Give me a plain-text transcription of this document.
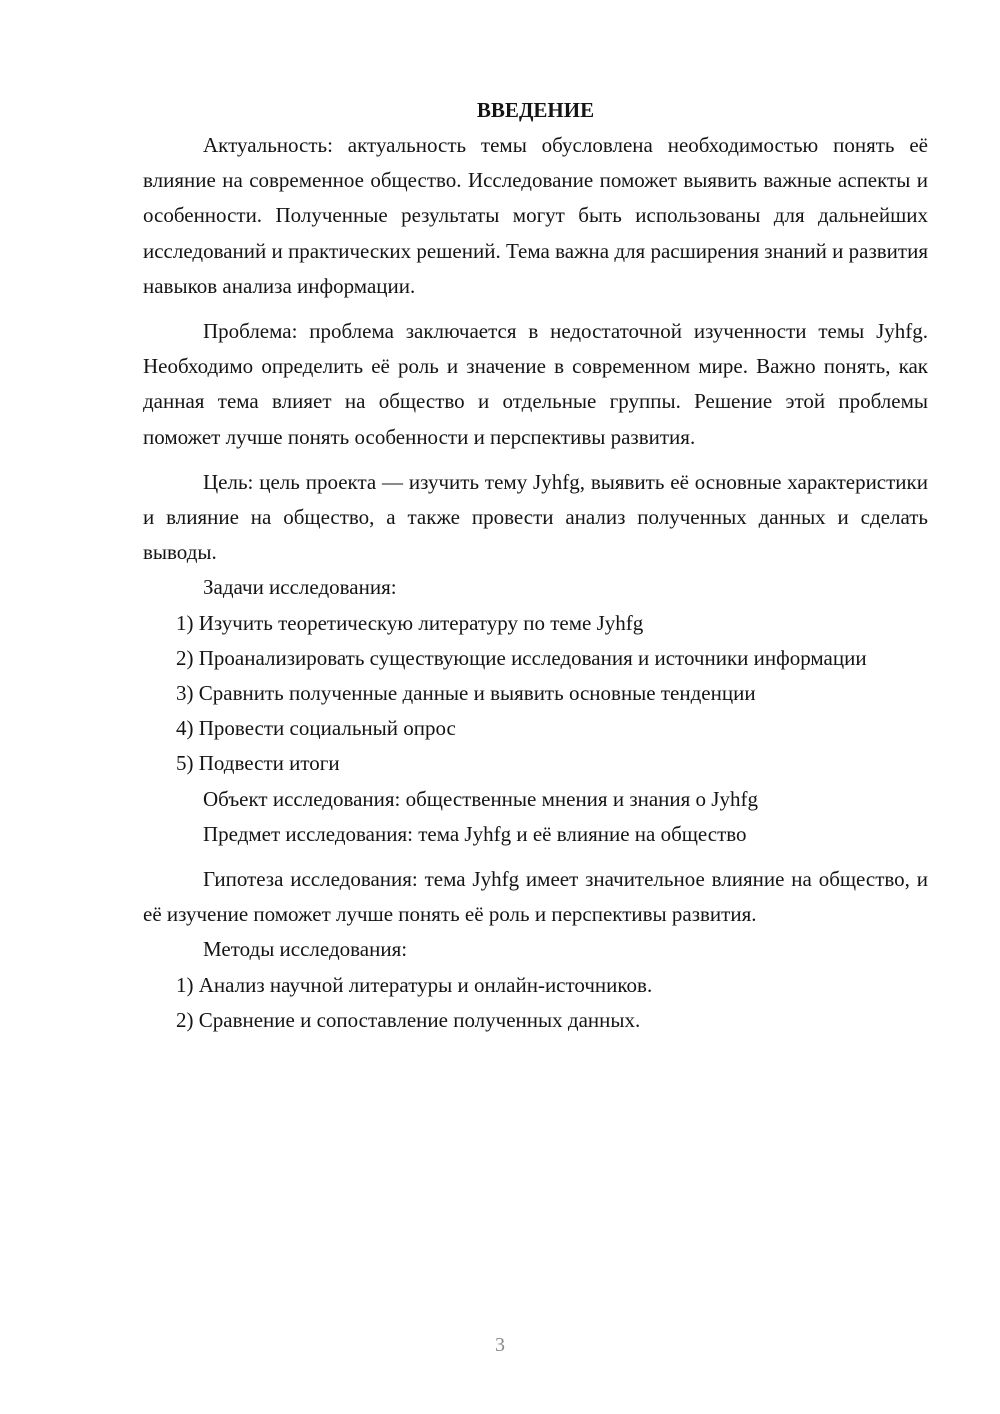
ВВЕДЕНИЕ

Актуальность: актуальность темы обусловлена необходимостью понять её влияние на современное общество. Исследование поможет выявить важные аспекты и особенности. Полученные результаты могут быть использованы для дальнейших исследований и практических решений. Тема важна для расширения знаний и развития навыков анализа информации.

Проблема: проблема заключается в недостаточной изученности темы Jyhfg. Необходимо определить её роль и значение в современном мире. Важно понять, как данная тема влияет на общество и отдельные группы. Решение этой проблемы поможет лучше понять особенности и перспективы развития.

Цель: цель проекта — изучить тему Jyhfg, выявить её основные характеристики и влияние на общество, а также провести анализ полученных данных и сделать выводы.

Задачи исследования:

1) Изучить теоретическую литературу по теме Jyhfg

2) Проанализировать существующие исследования и источники информации

3) Сравнить полученные данные и выявить основные тенденции

4) Провести социальный опрос

5) Подвести итоги

Объект исследования: общественные мнения и знания о Jyhfg

Предмет исследования: тема Jyhfg и её влияние на общество

Гипотеза исследования: тема Jyhfg имеет значительное влияние на общество, и её изучение поможет лучше понять её роль и перспективы развития.

Методы исследования:

1) Анализ научной литературы и онлайн-источников.

2) Сравнение и сопоставление полученных данных.

3
